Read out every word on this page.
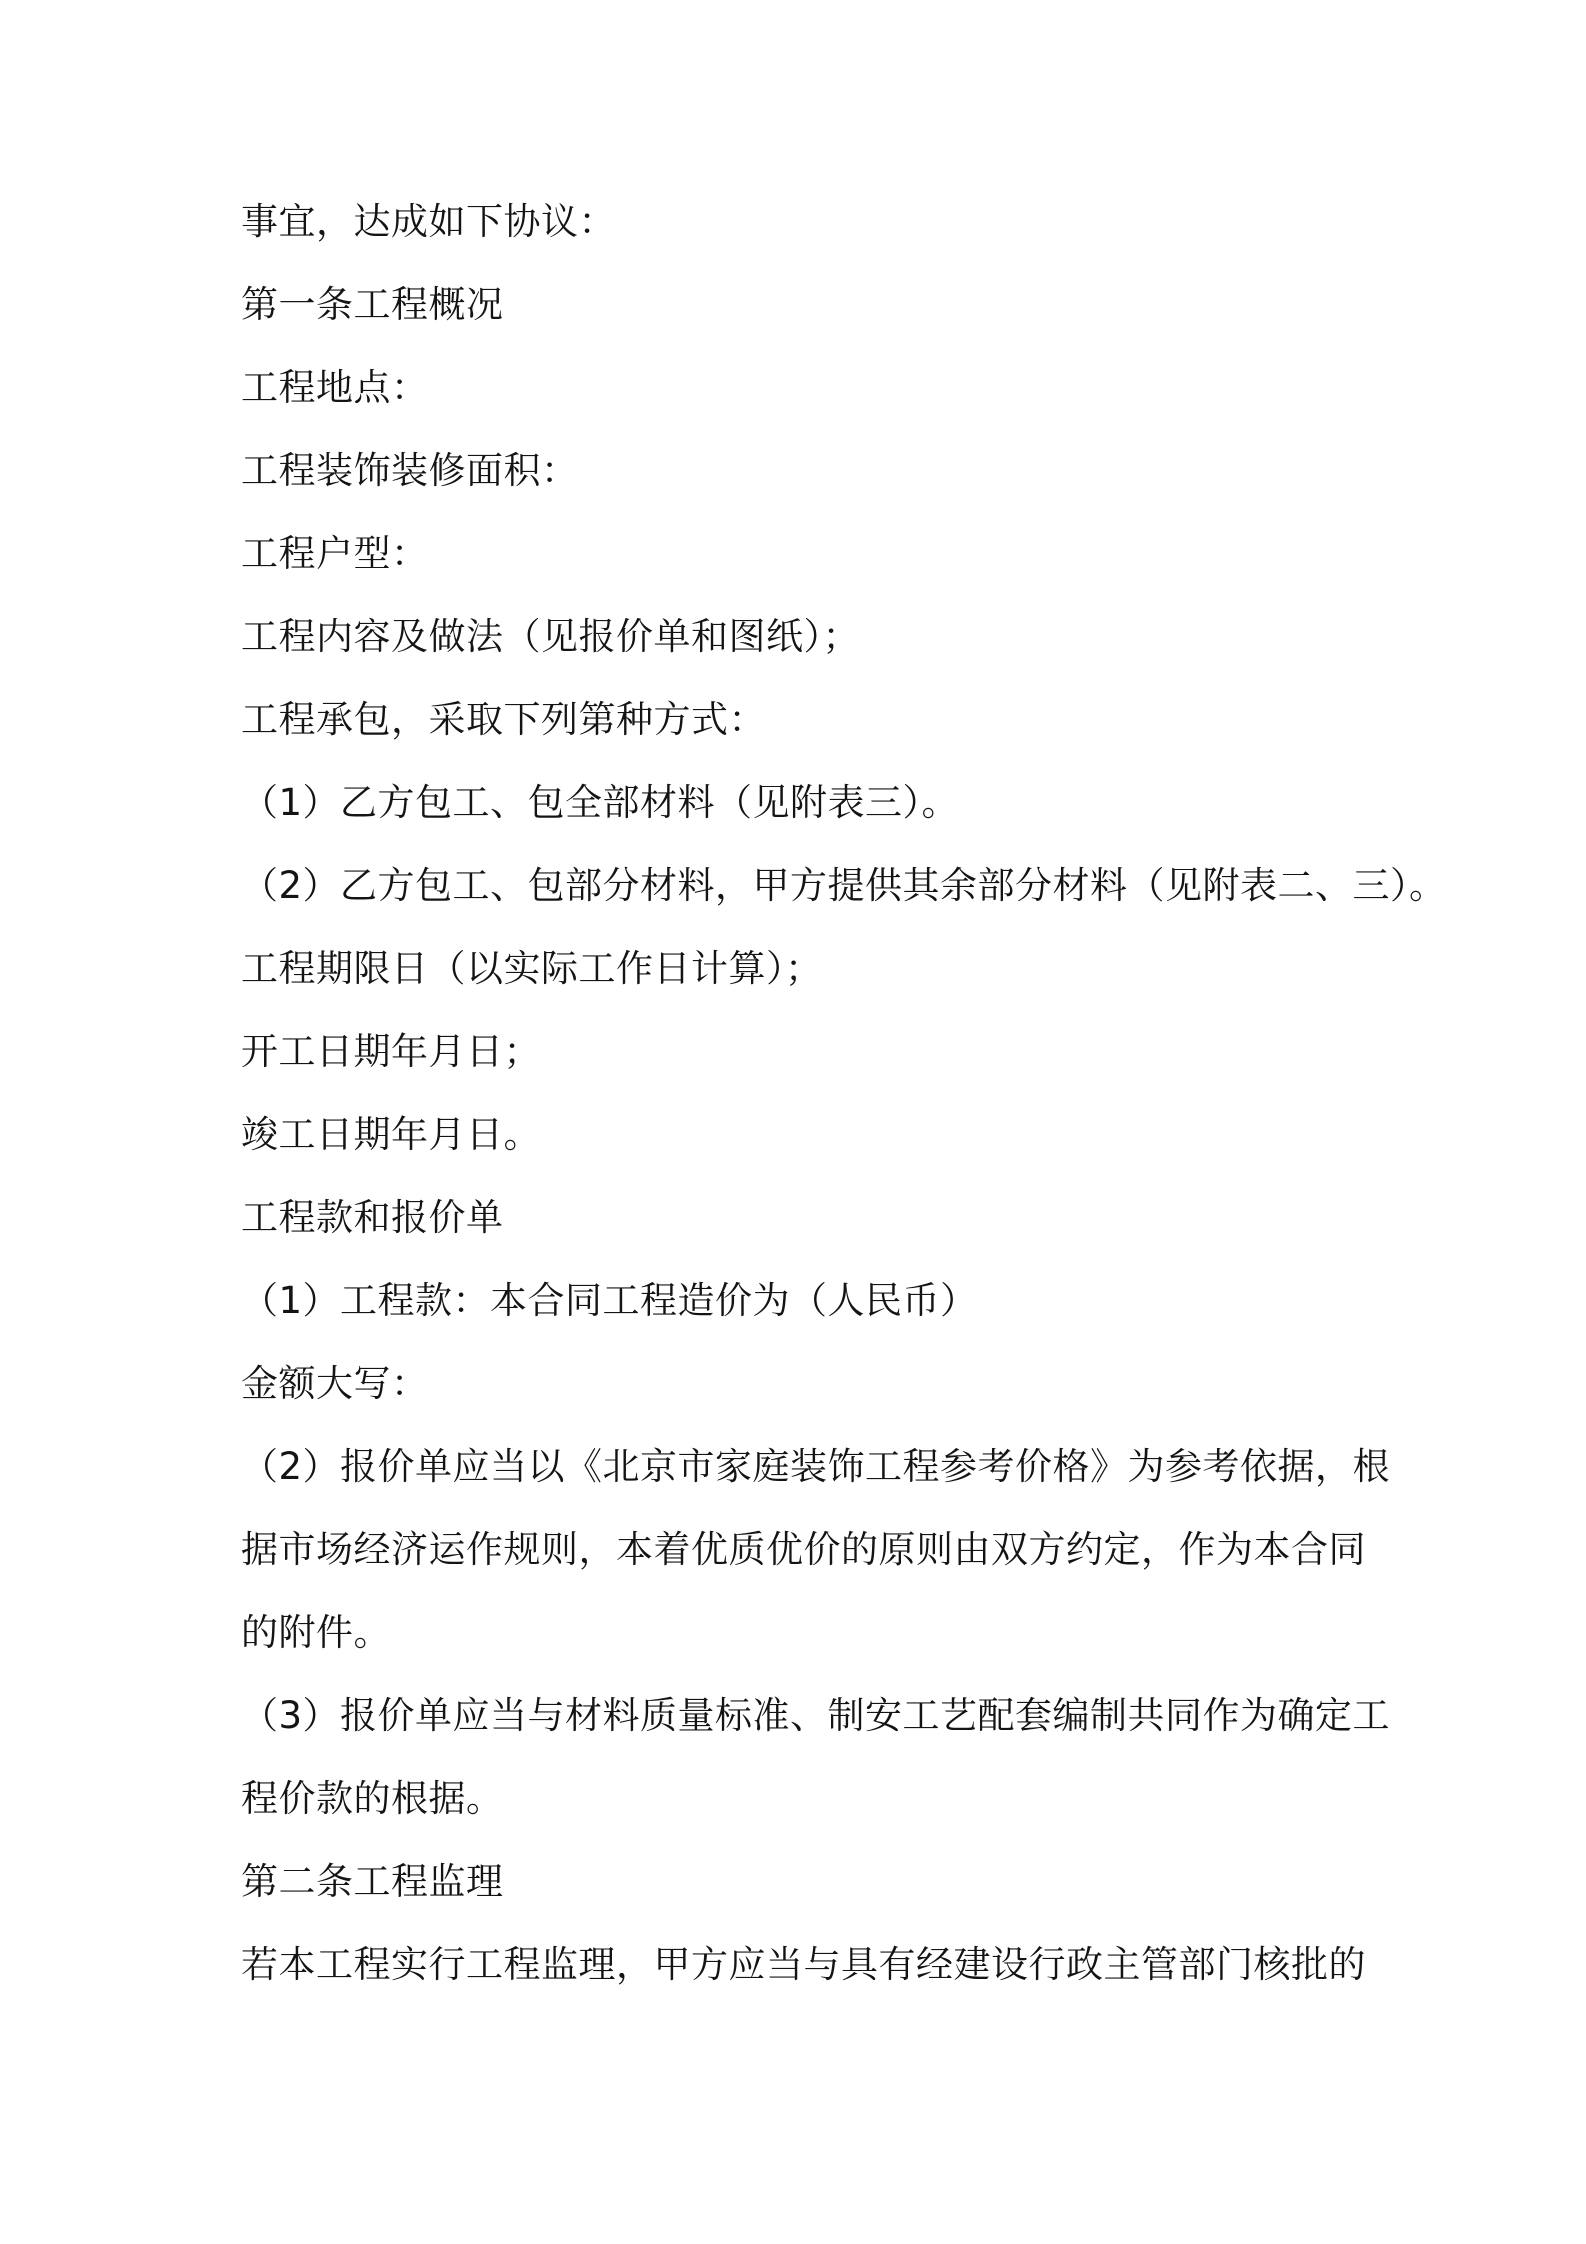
事宜，达成如下协议：
第一条工程概况
工程地点：
工程装饰装修面积：
工程户型：
工程内容及做法（见报价单和图纸）；
工程承包，采取下列第种方式：
（1）乙方包工、包全部材料（见附表三）。
（2）乙方包工、包部分材料，甲方提供其余部分材料（见附表二、三）。
工程期限日（以实际工作日计算）；
开工日期年月日；
竣工日期年月日。
工程款和报价单
（1）工程款：本合同工程造价为（人民币）
金额大写：
（2）报价单应当以《北京市家庭装饰工程参考价格》为参考依据，根
据市场经济运作规则，本着优质优价的原则由双方约定，作为本合同
的附件。
（3）报价单应当与材料质量标准、制安工艺配套编制共同作为确定工
程价款的根据。
第二条工程监理
若本工程实行工程监理，甲方应当与具有经建设行政主管部门核批的
